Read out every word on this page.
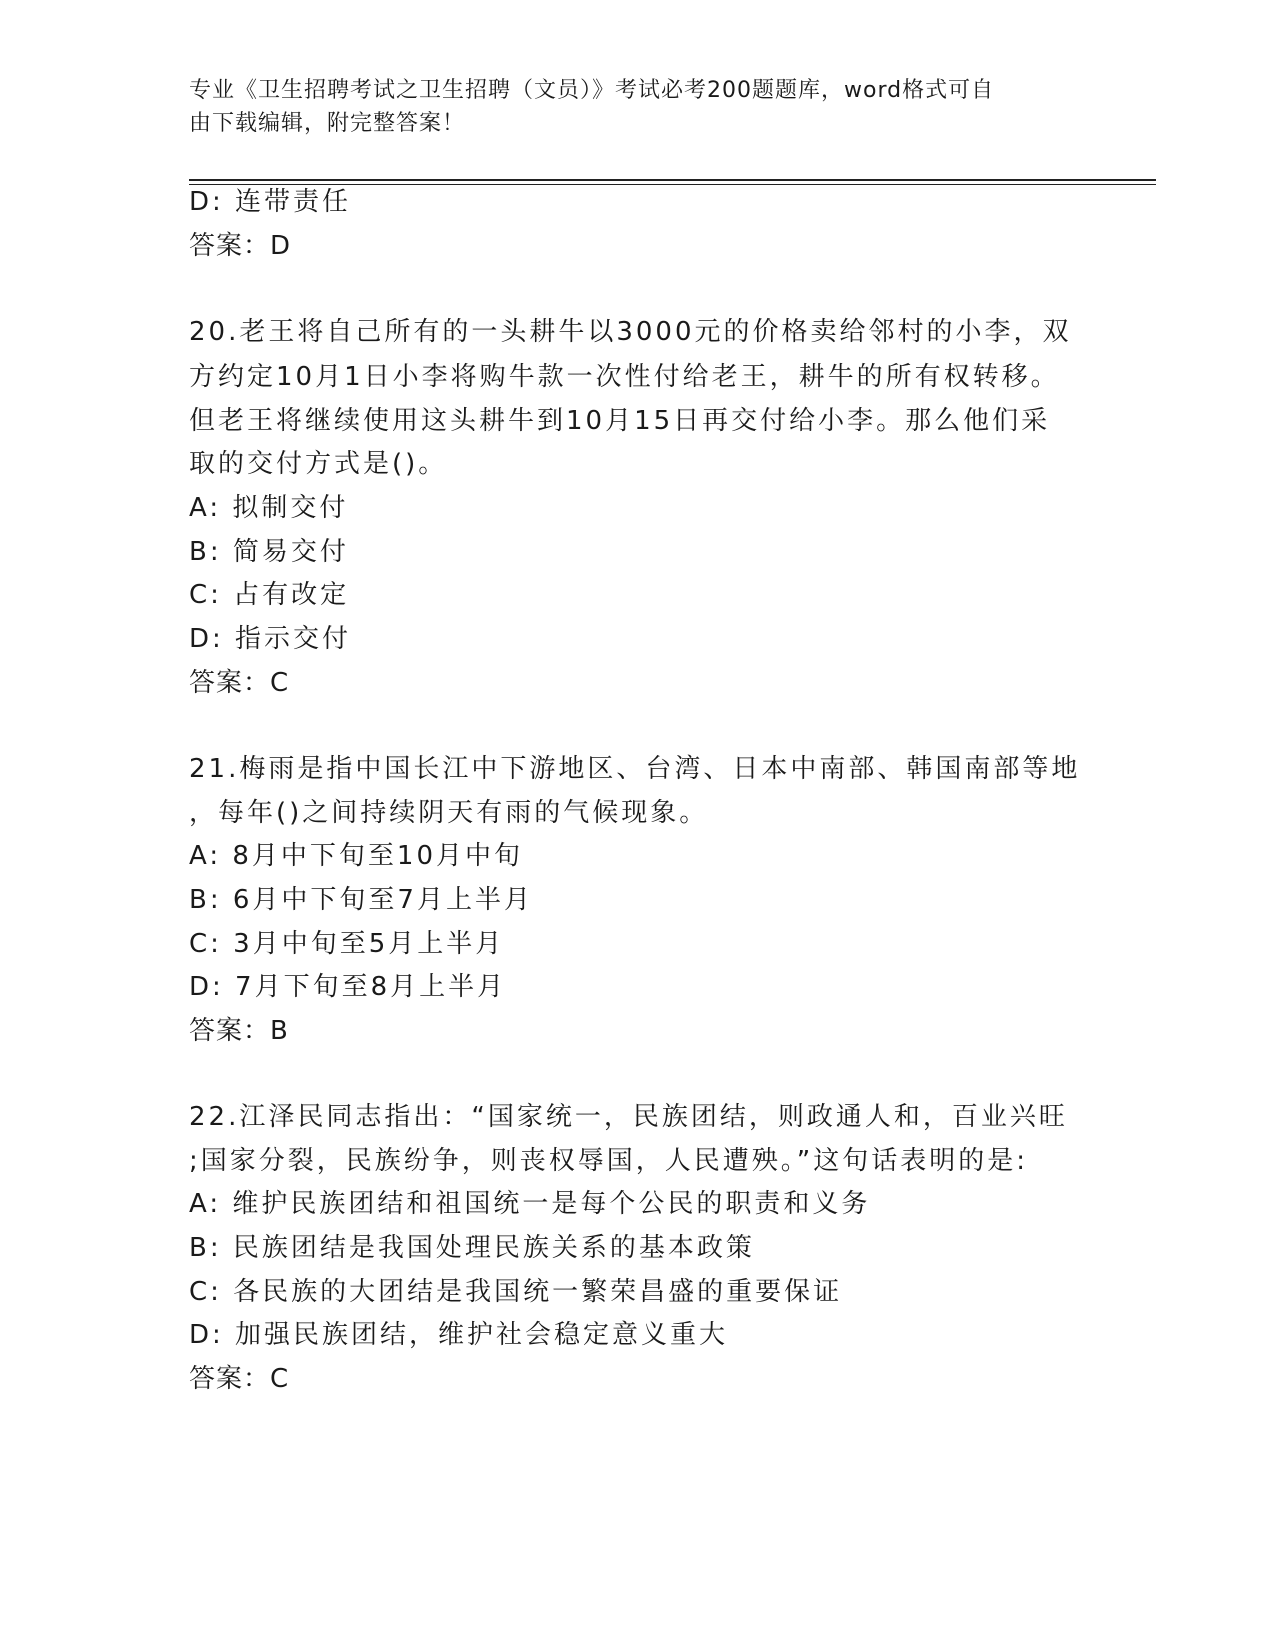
专业《卫生招聘考试之卫生招聘（文员）》考试必考200题题库，word格式可自
由下载编辑，附完整答案！
D: 连带责任
答案：D
20.老王将自己所有的一头耕牛以3000元的价格卖给邻村的小李，双
方约定10月1日小李将购牛款一次性付给老王，耕牛的所有权转移。
但老王将继续使用这头耕牛到10月15日再交付给小李。那么他们采
取的交付方式是()。
A: 拟制交付
B: 简易交付
C: 占有改定
D: 指示交付
答案：C
21.梅雨是指中国长江中下游地区、台湾、日本中南部、韩国南部等地
，每年()之间持续阴天有雨的气候现象。
A: 8月中下旬至10月中旬
B: 6月中下旬至7月上半月
C: 3月中旬至5月上半月
D: 7月下旬至8月上半月
答案：B
22.江泽民同志指出：“国家统一，民族团结，则政通人和，百业兴旺
;国家分裂，民族纷争，则丧权辱国，人民遭殃。”这句话表明的是:
A: 维护民族团结和祖国统一是每个公民的职责和义务
B: 民族团结是我国处理民族关系的基本政策
C: 各民族的大团结是我国统一繁荣昌盛的重要保证
D: 加强民族团结，维护社会稳定意义重大
答案：C
